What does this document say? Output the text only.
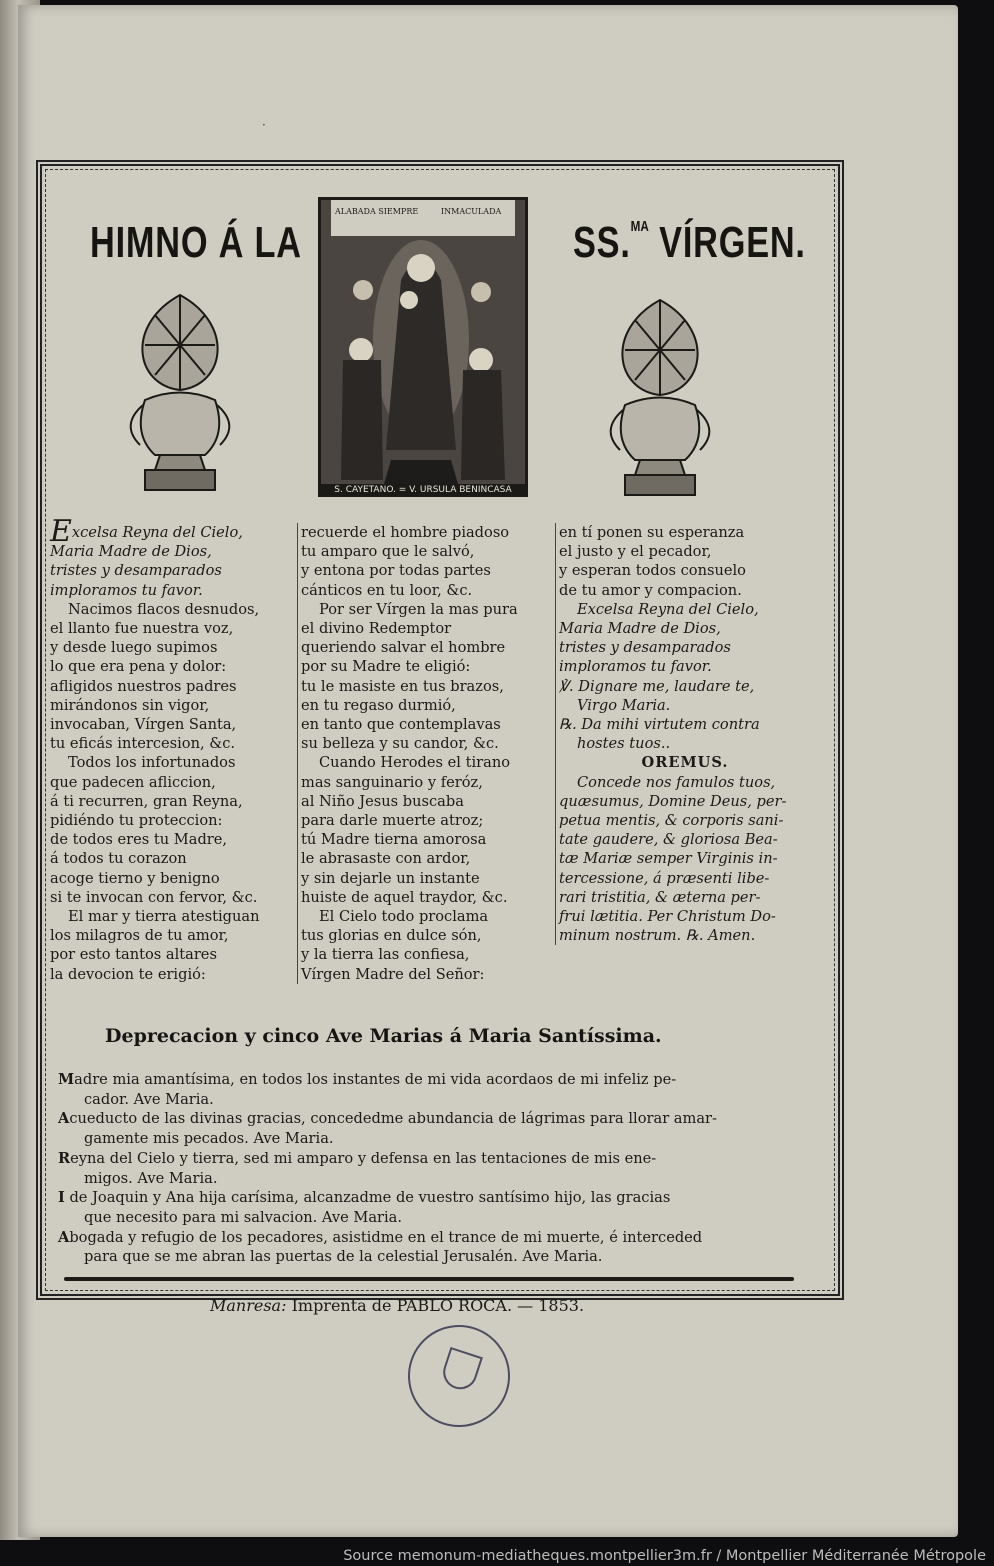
·
HIMNO Á LA	SS.$^{MA}$ VÍRGEN.
ALABADA SIEMPRE	INMACULADA
S. CAYETANO. = V. URSULA BENINCASA
Excelsa Reyna del Cielo,
Maria Madre de Dios,
tristes y desamparados
imploramos tu favor.
Nacimos flacos desnudos,
el llanto fue nuestra voz,
y desde luego supimos
lo que era pena y dolor:
afligidos nuestros padres
mirándonos sin vigor,
invocaban, Vírgen Santa,
tu eficás intercesion, &c.
Todos los infortunados
que padecen afliccion,
á ti recurren, gran Reyna,
pidiéndo tu proteccion:
de todos eres tu Madre,
á todos tu corazon
acoge tierno y benigno
si te invocan con fervor, &c.
El mar y tierra atestiguan
los milagros de tu amor,
por esto tantos altares
la devocion te erigió:
recuerde el hombre piadoso
tu amparo que le salvó,
y entona por todas partes
cánticos en tu loor, &c.
Por ser Vírgen la mas pura
el divino Redemptor
queriendo salvar el hombre
por su Madre te eligió:
tu le masiste en tus brazos,
en tu regaso durmió,
en tanto que contemplavas
su belleza y su candor, &c.
Cuando Herodes el tirano
mas sanguinario y feróz,
al Niño Jesus buscaba
para darle muerte atroz;
tú Madre tierna amorosa
le abrasaste con ardor,
y sin dejarle un instante
huiste de aquel traydor, &c.
El Cielo todo proclama
tus glorias en dulce són,
y la tierra las confiesa,
Vírgen Madre del Señor:
en tí ponen su esperanza
el justo y el pecador,
y esperan todos consuelo
de tu amor y compacion.
Excelsa Reyna del Cielo,
Maria Madre de Dios,
tristes y desamparados
imploramos tu favor.
℣. Dignare me, laudare te,
Virgo Maria.
℞. Da mihi virtutem contra
hostes tuos..
OREMUS.
Concede nos famulos tuos,
quæsumus, Domine Deus, per-
petua mentis, & corporis sani-
tate gaudere, & gloriosa Bea-
tæ Mariæ semper Virginis in-
tercessione, á præsenti libe-
rari tristitia, & æterna per-
frui lætitia. Per Christum Do-
minum nostrum. ℞. Amen.
Deprecacion y cinco Ave Marias á Maria Santíssima.
Madre mia amantísima, en todos los instantes de mi vida acordaos de mi infeliz pe-
cador. Ave Maria.
Acueducto de las divinas gracias, concededme abundancia de lágrimas para llorar amar-
gamente mis pecados. Ave Maria.
Reyna del Cielo y tierra, sed mi amparo y defensa en las tentaciones de mis ene-
migos. Ave Maria.
I de Joaquin y Ana hija carísima, alcanzadme de vuestro santísimo hijo, las gracias
que necesito para mi salvacion. Ave Maria.
Abogada y refugio de los pecadores, asistidme en el trance de mi muerte, é interceded
para que se me abran las puertas de la celestial Jerusalén. Ave Maria.
Manresa: Imprenta de PABLO ROCA. — 1853.
Source memonum-mediatheques.montpellier3m.fr / Montpellier Méditerranée Métropole
